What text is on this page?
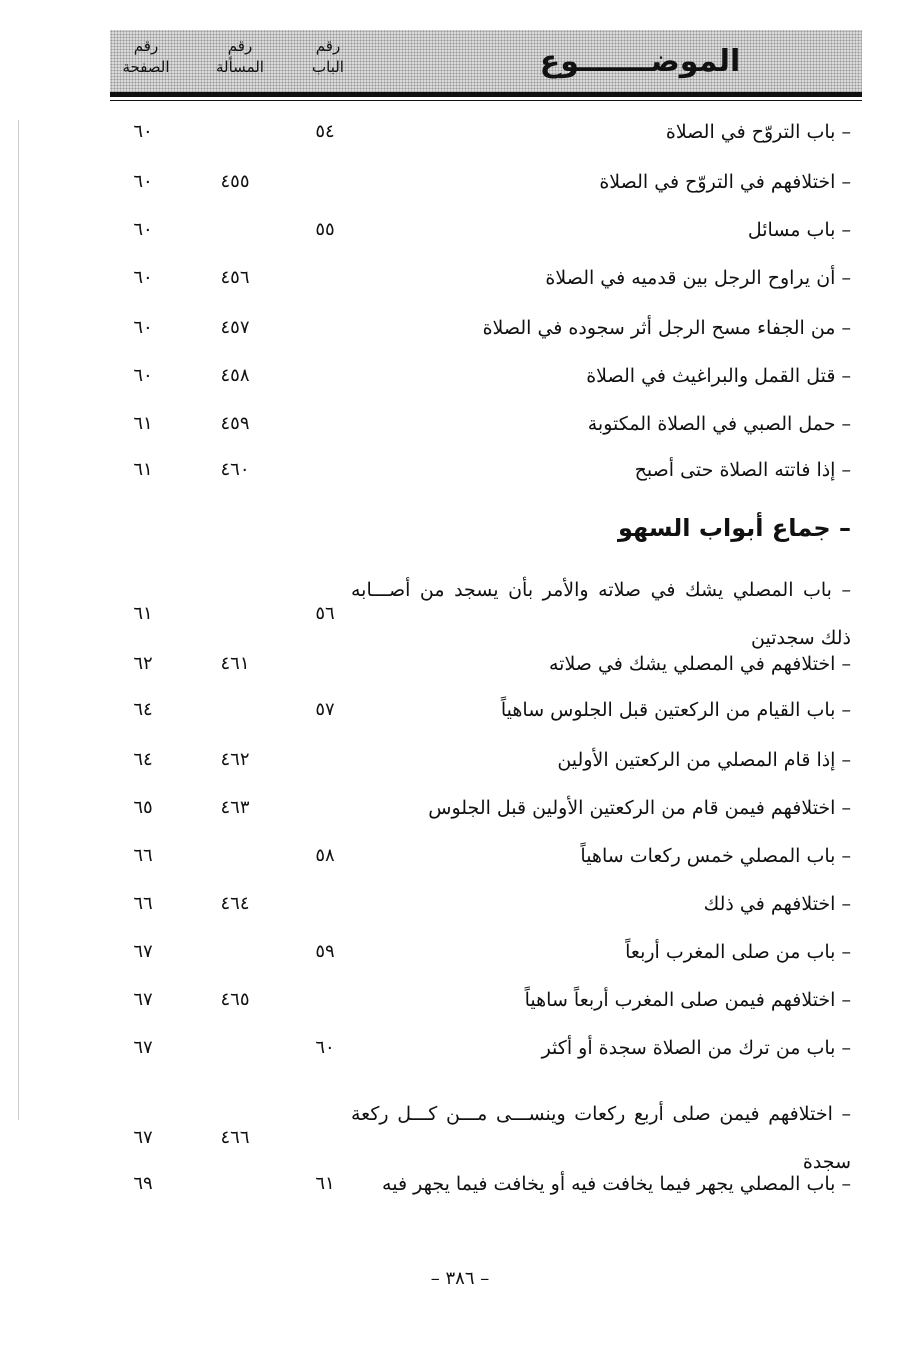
الموضـــــــوع
رقم
الباب
رقم
المسألة
رقم
الصفحة
– باب التروّح في الصلاة
٥٤
٦٠
– اختلافهم في التروّح في الصلاة
٤٥٥
٦٠
– باب مسائل
٥٥
٦٠
– أن يراوح الرجل بين قدميه في الصلاة
٤٥٦
٦٠
– من الجفاء مسح الرجل أثر سجوده في الصلاة
٤٥٧
٦٠
– قتل القمل والبراغيث في الصلاة
٤٥٨
٦٠
– حمل الصبي في الصلاة المكتوبة
٤٥٩
٦١
– إذا فاتته الصلاة حتى أصبح
٤٦٠
٦١
– جماع أبواب السهو
– باب المصلي يشك في صلاته والأمر بأن يسجد من أصـــابه ذلك سجدتين
٥٦
٦١
– اختلافهم في المصلي يشك في صلاته
٤٦١
٦٢
– باب القيام من الركعتين قبل الجلوس ساهياً
٥٧
٦٤
– إذا قام المصلي من الركعتين الأولين
٤٦٢
٦٤
– اختلافهم فيمن قام من الركعتين الأولين قبل الجلوس
٤٦٣
٦٥
– باب المصلي خمس ركعات ساهياً
٥٨
٦٦
– اختلافهم في ذلك
٤٦٤
٦٦
– باب من صلى المغرب أربعاً
٥٩
٦٧
– اختلافهم فيمن صلى المغرب أربعاً ساهياً
٤٦٥
٦٧
– باب من ترك من الصلاة سجدة أو أكثر
٦٠
٦٧
– اختلافهم فيمن صلى أربع ركعات وينســـى مـــن كـــل ركعة سجدة
٤٦٦
٦٧
– باب المصلي يجهر فيما يخافت فيه أو يخافت فيما يجهر فيه
٦١
٦٩
– ٣٨٦ –
